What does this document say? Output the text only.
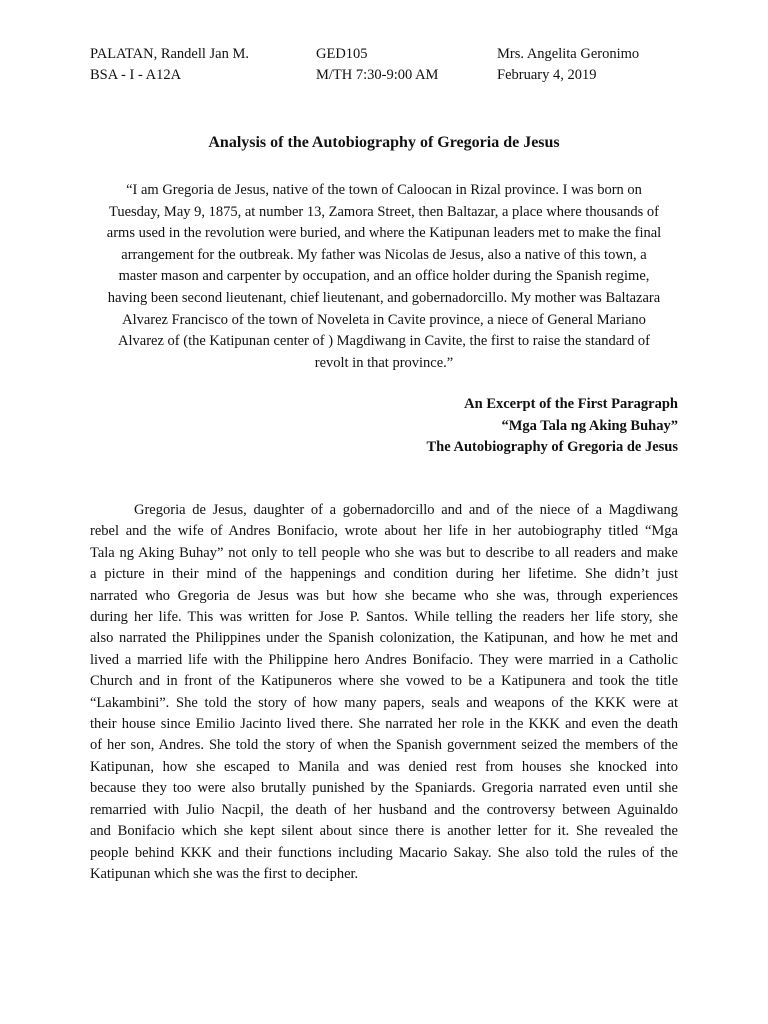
PALATAN, Randell Jan M.
BSA - I - A12A
GED105
M/TH 7:30-9:00 AM
Mrs. Angelita Geronimo
February 4, 2019
Analysis of the Autobiography of Gregoria de Jesus
“I am Gregoria de Jesus, native of the town of Caloocan in Rizal province. I was born on
Tuesday, May 9, 1875, at number 13, Zamora Street, then Baltazar, a place where thousands of
arms used in the revolution were buried, and where the Katipunan leaders met to make the final
arrangement for the outbreak. My father was Nicolas de Jesus, also a native of this town, a
master mason and carpenter by occupation, and an office holder during the Spanish regime,
having been second lieutenant, chief lieutenant, and gobernadorcillo. My mother was Baltazara
Alvarez Francisco of the town of Noveleta in Cavite province, a niece of General Mariano
Alvarez of (the Katipunan center of ) Magdiwang in Cavite, the first to raise the standard of
revolt in that province.”
An Excerpt of the First Paragraph
“Mga Tala ng Aking Buhay”
The Autobiography of Gregoria de Jesus
Gregoria de Jesus, daughter of a gobernadorcillo and and of the niece of a Magdiwang
rebel and the wife of Andres Bonifacio, wrote about her life in her autobiography titled “Mga
Tala ng Aking Buhay” not only to tell people who she was but to describe to all readers and make
a picture in their mind of the happenings and condition during her lifetime. She didn’t just
narrated who Gregoria de Jesus was but how she became who she was, through experiences
during her life. This was written for Jose P. Santos. While telling the readers her life story, she
also narrated the Philippines under the Spanish colonization, the Katipunan, and how he met and
lived a married life with the Philippine hero Andres Bonifacio. They were married in a Catholic
Church and in front of the Katipuneros where she vowed to be a Katipunera and took the title
“Lakambini”. She told the story of how many papers, seals and weapons of the KKK were at
their house since Emilio Jacinto lived there. She narrated her role in the KKK and even the death
of her son, Andres. She told the story of when the Spanish government seized the members of the
Katipunan, how she escaped to Manila and was denied rest from houses she knocked into
because they too were also brutally punished by the Spaniards. Gregoria narrated even until she
remarried with Julio Nacpil, the death of her husband and the controversy between Aguinaldo
and Bonifacio which she kept silent about since there is another letter for it. She revealed the
people behind KKK and their functions including Macario Sakay. She also told the rules of the
Katipunan which she was the first to decipher.
